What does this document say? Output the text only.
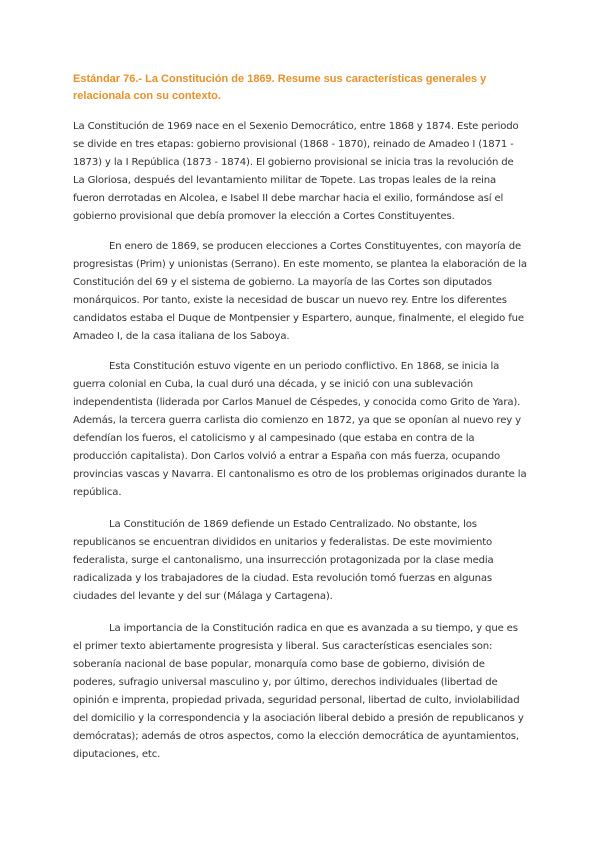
Estándar 76.- La Constitución de 1869. Resume sus características generales y relacionala con su contexto.

La Constitución de 1969 nace en el Sexenio Democrático, entre 1868 y 1874. Este periodo se divide en tres etapas: gobierno provisional (1868 - 1870), reinado de Amadeo I (1871 - 1873) y la I República (1873 - 1874). El gobierno provisional se inicia tras la revolución de La Gloriosa, después del levantamiento militar de Topete. Las tropas leales de la reina fueron derrotadas en Alcolea, e Isabel II debe marchar hacia el exilio, formándose así el gobierno provisional que debía promover la elección a Cortes Constituyentes.

En enero de 1869, se producen elecciones a Cortes Constituyentes, con mayoría de progresistas (Prim) y unionistas (Serrano). En este momento, se plantea la elaboración de la Constitución del 69 y el sistema de gobierno. La mayoría de las Cortes son diputados monárquicos. Por tanto, existe la necesidad de buscar un nuevo rey. Entre los diferentes candidatos estaba el Duque de Montpensier y Espartero, aunque, finalmente, el elegido fue Amadeo I, de la casa italiana de los Saboya.

Esta Constitución estuvo vigente en un periodo conflictivo. En 1868, se inicia la guerra colonial en Cuba, la cual duró una década, y se inició con una sublevación independentista (liderada por Carlos Manuel de Céspedes, y conocida como Grito de Yara). Además, la tercera guerra carlista dio comienzo en 1872, ya que se oponían al nuevo rey y defendían los fueros, el catolicismo y al campesinado (que estaba en contra de la producción capitalista). Don Carlos volvió a entrar a España con más fuerza, ocupando provincias vascas y Navarra. El cantonalismo es otro de los problemas originados durante la república.

La Constitución de 1869 defiende un Estado Centralizado. No obstante, los republicanos se encuentran divididos en unitarios y federalistas. De este movimiento federalista, surge el cantonalismo, una insurrección protagonizada por la clase media radicalizada y los trabajadores de la ciudad. Esta revolución tomó fuerzas en algunas ciudades del levante y del sur (Málaga y Cartagena).

La importancia de la Constitución radica en que es avanzada a su tiempo, y que es el primer texto abiertamente progresista y liberal. Sus características esenciales son: soberanía nacional de base popular, monarquía como base de gobierno, división de poderes, sufragio universal masculino y, por último, derechos individuales (libertad de opinión e imprenta, propiedad privada, seguridad personal, libertad de culto, inviolabilidad del domicilio y la correspondencia y la asociación liberal debido a presión de republicanos y demócratas); además de otros aspectos, como la elección democrática de ayuntamientos, diputaciones, etc.
